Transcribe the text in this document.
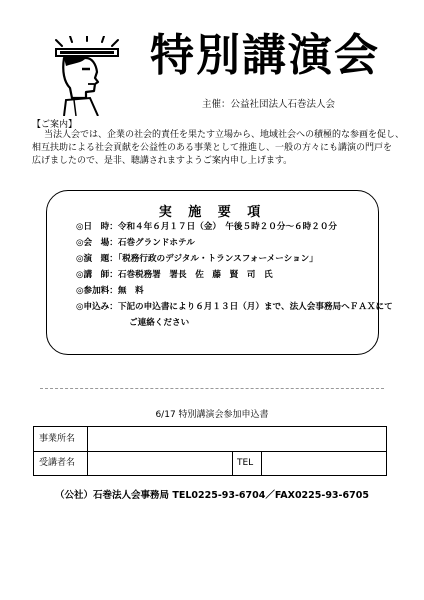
特別講演会
主催：公益社団法人石巻法人会
【ご案内】
当法人会では、企業の社会的責任を果たす立場から、地域社会への積極的な参画を促し、
相互扶助による社会貢献を公益性のある事業として推進し、一般の方々にも講演の門戸を
広げましたので、是非、聴講されますようご案内申し上げます。
実 施 要 項
◎日　時：令和４年６月１７日（金）　午後５時２０分～６時２０分
◎会　場：石巻グランドホテル
◎演　題：「税務行政のデジタル・トランスフォーメーション」
◎講　師：石巻税務署　署長　佐　藤　賢　司　氏
◎参加料：無　料
◎申込み：下記の申込書により６月１３日（月）まで、法人会事務局へＦＡＸにて
ご連絡ください
6/17 特別講演会参加申込書
事業所名
受講者名	TEL
（公社）石巻法人会事務局 TEL0225-93-6704／FAX0225-93-6705
